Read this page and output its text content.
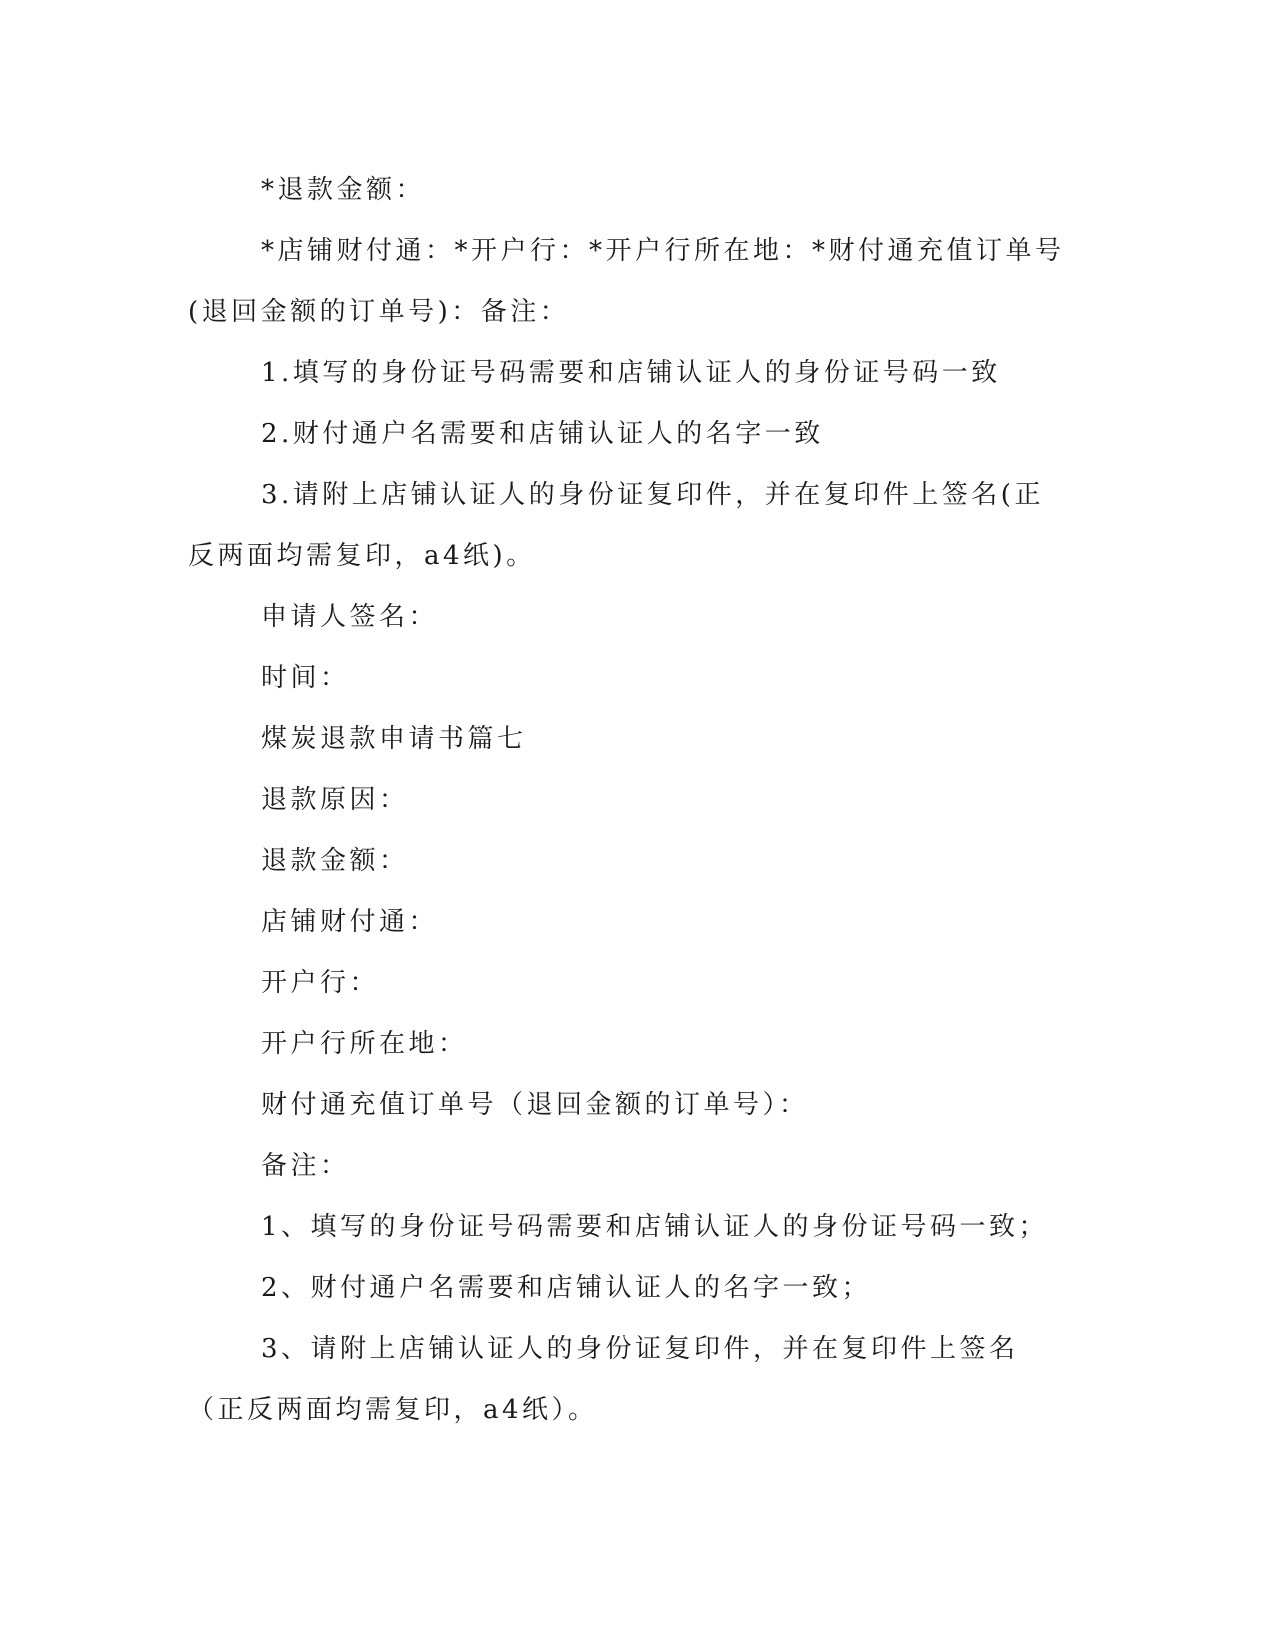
*退款金额：

*店铺财付通：*开户行：*开户行所在地：*财付通充值订单号(退回金额的订单号)：备注：

1.填写的身份证号码需要和店铺认证人的身份证号码一致

2.财付通户名需要和店铺认证人的名字一致

3.请附上店铺认证人的身份证复印件，并在复印件上签名(正反两面均需复印，a4纸)。

申请人签名：

时间：

煤炭退款申请书篇七

退款原因：

退款金额：

店铺财付通：

开户行：

开户行所在地：

财付通充值订单号（退回金额的订单号）：

备注：

1、填写的身份证号码需要和店铺认证人的身份证号码一致；

2、财付通户名需要和店铺认证人的名字一致；

3、请附上店铺认证人的身份证复印件，并在复印件上签名（正反两面均需复印，a4纸）。
